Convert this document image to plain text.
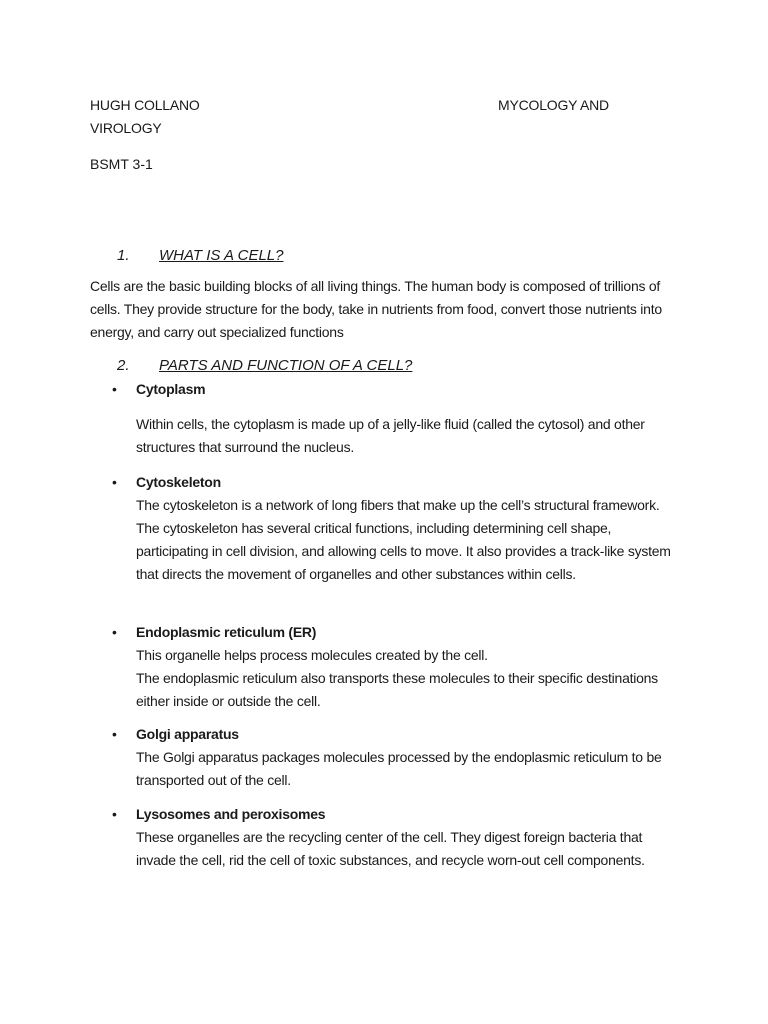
HUGH COLLANO	MYCOLOGY AND
VIROLOGY
BSMT 3-1
1. WHAT IS A CELL?
Cells are the basic building blocks of all living things. The human body is composed of trillions of cells. They provide structure for the body, take in nutrients from food, convert those nutrients into energy, and carry out specialized functions
2. PARTS AND FUNCTION OF A CELL?
•	Cytoplasm
Within cells, the cytoplasm is made up of a jelly-like fluid (called the cytosol) and other structures that surround the nucleus.
•	Cytoskeleton
The cytoskeleton is a network of long fibers that make up the cell’s structural framework. The cytoskeleton has several critical functions, including determining cell shape, participating in cell division, and allowing cells to move. It also provides a track-like system that directs the movement of organelles and other substances within cells.
•	Endoplasmic reticulum (ER)
This organelle helps process molecules created by the cell.
The endoplasmic reticulum also transports these molecules to their specific destinations either inside or outside the cell.
•	Golgi apparatus
The Golgi apparatus packages molecules processed by the endoplasmic reticulum to be transported out of the cell.
•	Lysosomes and peroxisomes
These organelles are the recycling center of the cell. They digest foreign bacteria that invade the cell, rid the cell of toxic substances, and recycle worn-out cell components.
